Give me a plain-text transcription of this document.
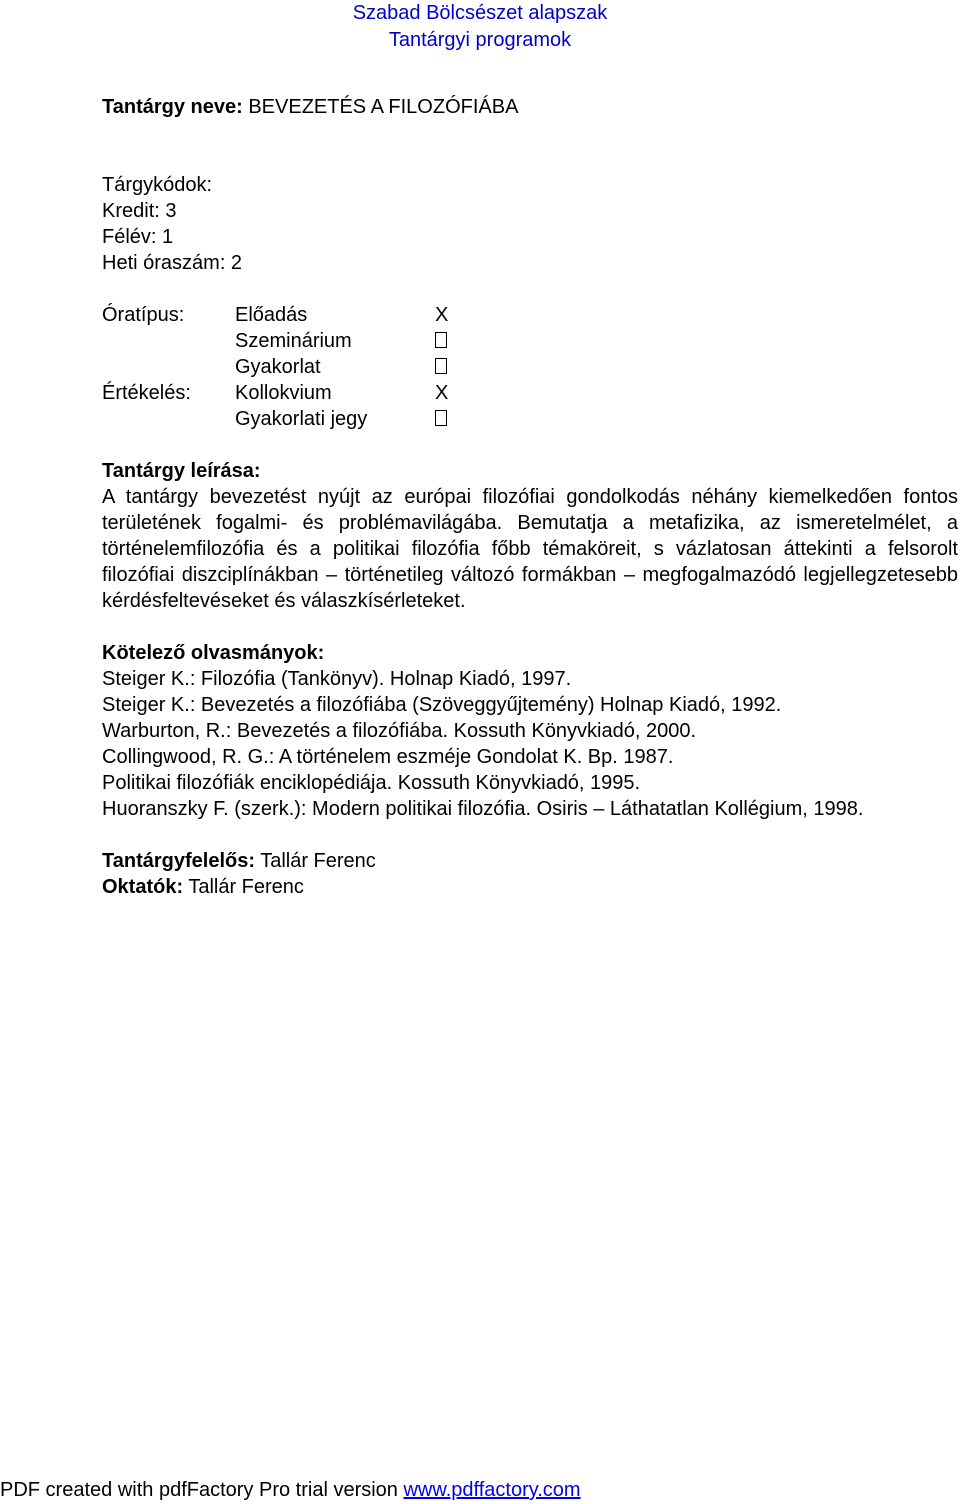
Szabad Bölcsészet alapszak
Tantárgyi programok
Tantárgy neve: BEVEZETÉS A FILOZÓFIÁBA
Tárgykódok:
Kredit: 3
Félév: 1
Heti óraszám: 2
Óratípus:	Előadás	X
Szeminárium
Gyakorlat
Értékelés:	Kollokvium	X
Gyakorlati jegy
Tantárgy leírása:
A tantárgy bevezetést nyújt az európai filozófiai gondolkodás néhány kiemelkedően fontos területének fogalmi- és problémavilágába. Bemutatja a metafizika, az ismeretelmélet, a történelemfilozófia és a politikai filozófia főbb témaköreit, s vázlatosan áttekinti a felsorolt filozófiai diszciplínákban – történetileg változó formákban – megfogalmazódó legjellegzetesebb kérdésfeltevéseket és válaszkísérleteket.
Kötelező olvasmányok:
Steiger K.: Filozófia (Tankönyv). Holnap Kiadó, 1997.
Steiger K.: Bevezetés a filozófiába (Szöveggyűjtemény) Holnap Kiadó, 1992.
Warburton, R.: Bevezetés a filozófiába. Kossuth Könyvkiadó, 2000.
Collingwood, R. G.: A történelem eszméje Gondolat K. Bp. 1987.
Politikai filozófiák enciklopédiája. Kossuth Könyvkiadó, 1995.
Huoranszky F. (szerk.): Modern politikai filozófia. Osiris – Láthatatlan Kollégium, 1998.
Tantárgyfelelős: Tallár Ferenc
Oktatók: Tallár Ferenc
PDF created with pdfFactory Pro trial version www.pdffactory.com
